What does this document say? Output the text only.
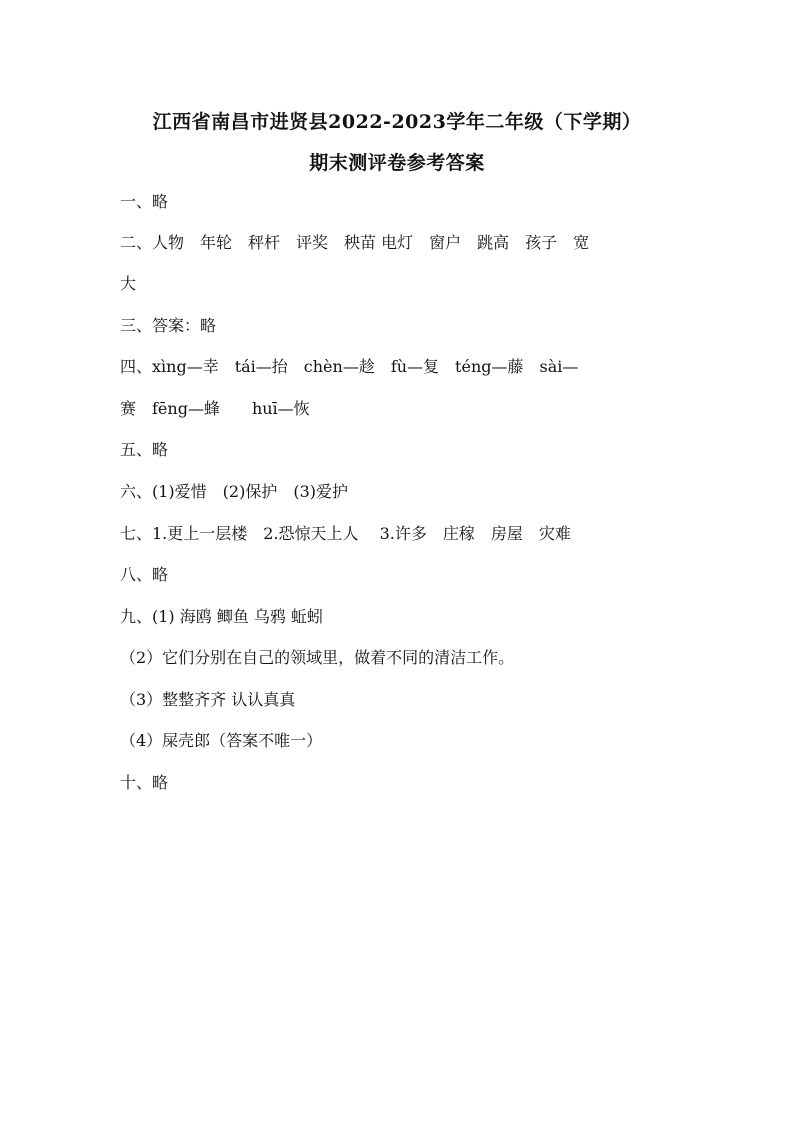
江西省南昌市进贤县2022-2023学年二年级（下学期）
期末测评卷参考答案
一、略
二、人物　年轮　秤杆　评奖　秧苗 电灯　窗户　跳高　孩子　宽
大
三、答案：略
四、xìng—幸　tái—抬　chèn—趁　fù—复　téng—藤　sài—
赛　fēng—蜂　　huī—恢
五、略
六、(1)爱惜　(2)保护　(3)爱护
七、1.更上一层楼　2.恐惊天上人　 3.许多　庄稼　房屋　灾难
八、略
九、(1) 海鸥 鲫鱼 乌鸦 蚯蚓
（2）它们分别在自己的领域里，做着不同的清洁工作。
（3）整整齐齐 认认真真
（4）屎壳郎（答案不唯一）
十、略
